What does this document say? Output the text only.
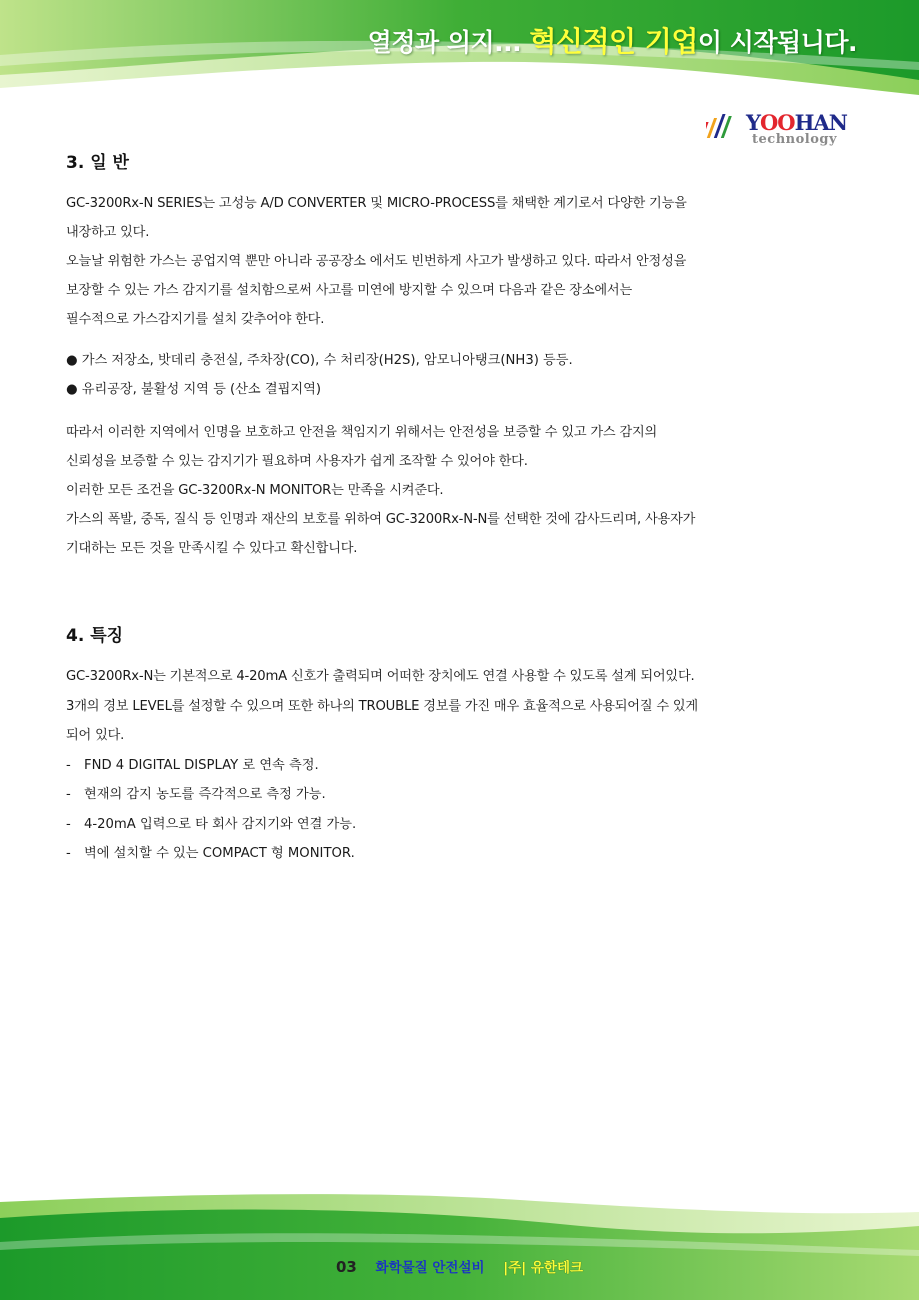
열정과 의지... 혁신적인 기업이 시작됩니다.
YOOHAN
technology
3. 일 반

GC-3200Rx-N SERIES는 고성능 A/D CONVERTER 및 MICRO-PROCESS를 채택한 계기로서 다양한 기능을

내장하고 있다.

오늘날 위험한 가스는 공업지역 뿐만 아니라 공공장소 에서도 빈번하게 사고가 발생하고 있다. 따라서 안정성을

보장할 수 있는 가스 감지기를 설치함으로써 사고를 미연에 방지할 수 있으며 다음과 같은 장소에서는

필수적으로 가스감지기를 설치 갖추어야 한다.

● 가스 저장소, 밧데리 충전실, 주차장(CO), 수 처리장(H2S), 암모니아탱크(NH3) 등등.
● 유리공장, 불활성 지역 등 (산소 결핍지역)

따라서 이러한 지역에서 인명을 보호하고 안전을 책임지기 위해서는 안전성을 보증할 수 있고 가스 감지의

신뢰성을 보증할 수 있는 감지기가 필요하며 사용자가 쉽게 조작할 수 있어야 한다.

이러한 모든 조건을 GC-3200Rx-N MONITOR는 만족을 시켜준다.

가스의 폭발, 중독, 질식 등 인명과 재산의 보호를 위하여 GC-3200Rx-N-N를 선택한 것에 감사드리며, 사용자가

기대하는 모든 것을 만족시킬 수 있다고 확신합니다.

4. 특징

GC-3200Rx-N는 기본적으로 4-20mA 신호가 출력되며 어떠한 장치에도 연결 사용할 수 있도록 설계 되어있다.

3개의 경보 LEVEL를 설정할 수 있으며 또한 하나의 TROUBLE 경보를 가진 매우 효율적으로 사용되어질 수 있게

되어 있다.

-	FND 4 DIGITAL DISPLAY 로 연속 측정.
-	현재의 감지 농도를 즉각적으로 측정 가능.
-	4-20mA 입력으로 타 회사 감지기와 연결 가능.
-	벽에 설치할 수 있는 COMPACT 형 MONITOR.
03 화학물질 안전설비 |주| 유한테크
